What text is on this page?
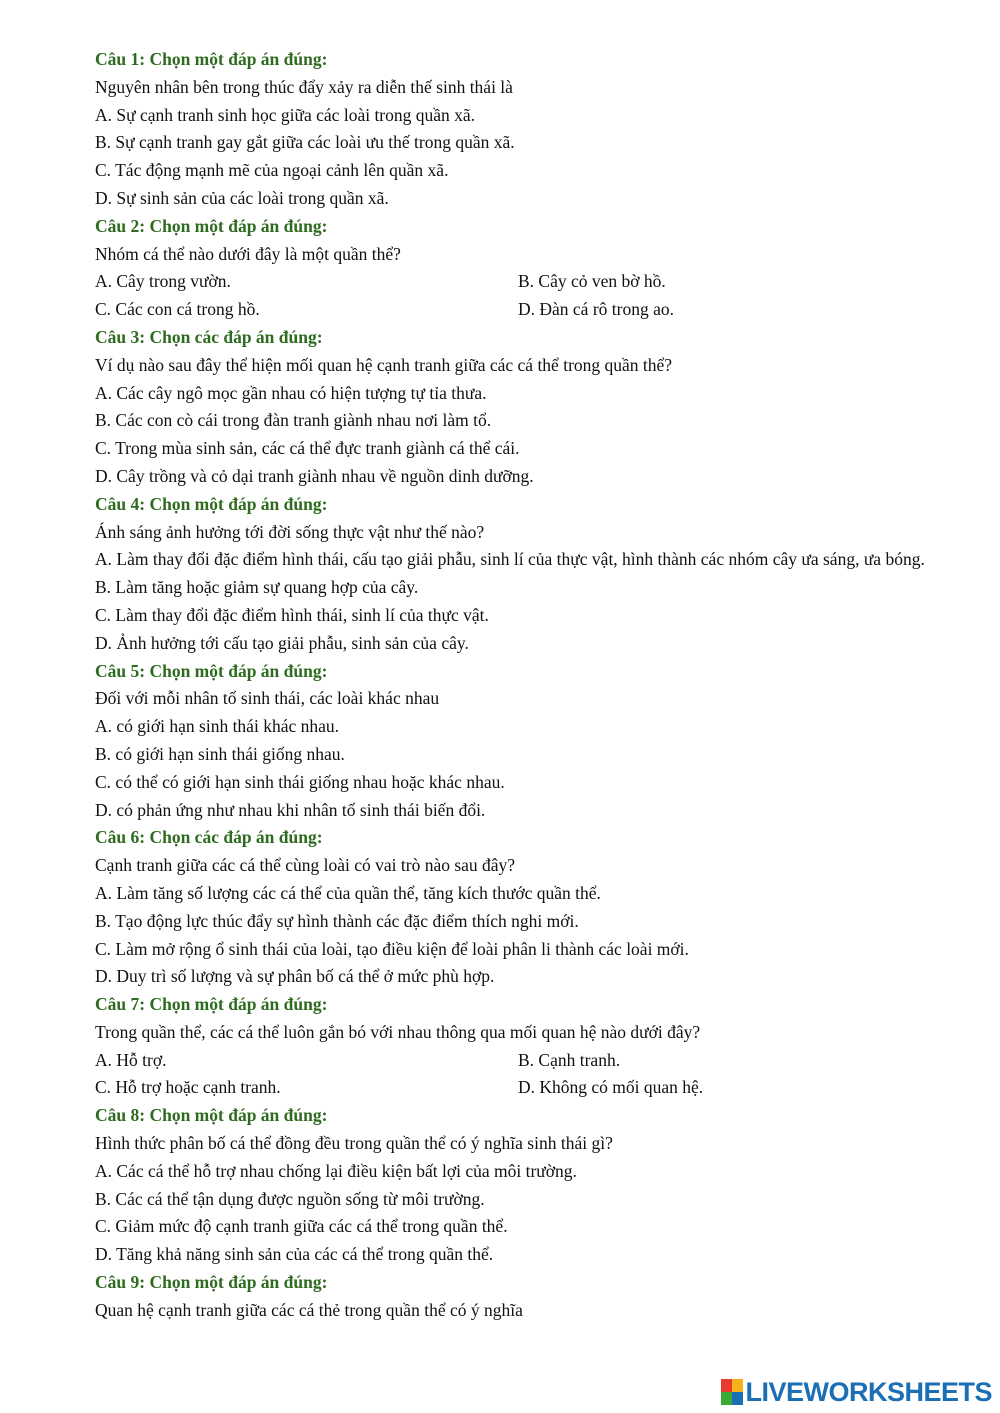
Câu 1: Chọn một đáp án đúng:
Nguyên nhân bên trong thúc đẩy xảy ra diễn thế sinh thái là
A. Sự cạnh tranh sinh học giữa các loài trong quần xã.
B. Sự cạnh tranh gay gắt giữa các loài ưu thế trong quần xã.
C. Tác động mạnh mẽ của ngoại cảnh lên quần xã.
D. Sự sinh sản của các loài trong quần xã.
Câu 2: Chọn một đáp án đúng:
Nhóm cá thể nào dưới đây là một quần thể?
A. Cây trong vườn.	B. Cây cỏ ven bờ hồ.
C. Các con cá trong hồ.	D. Đàn cá rô trong ao.
Câu 3: Chọn các đáp án đúng:
Ví dụ nào sau đây thể hiện mối quan hệ cạnh tranh giữa các cá thể trong quần thể?
A. Các cây ngô mọc gần nhau có hiện tượng tự tỉa thưa.
B. Các con cò cái trong đàn tranh giành nhau nơi làm tổ.
C. Trong mùa sinh sản, các cá thể đực tranh giành cá thể cái.
D. Cây trồng và cỏ dại tranh giành nhau về nguồn dinh dưỡng.
Câu 4: Chọn một đáp án đúng:
Ánh sáng ảnh hưởng tới đời sống thực vật như thế nào?
A. Làm thay đổi đặc điểm hình thái, cấu tạo giải phẫu, sinh lí của thực vật, hình thành các nhóm cây ưa sáng, ưa bóng.
B. Làm tăng hoặc giảm sự quang hợp của cây.
C. Làm thay đổi đặc điểm hình thái, sinh lí của thực vật.
D. Ảnh hưởng tới cấu tạo giải phẫu, sinh sản của cây.
Câu 5: Chọn một đáp án đúng:
Đối với mỗi nhân tố sinh thái, các loài khác nhau
A. có giới hạn sinh thái khác nhau.
B. có giới hạn sinh thái giống nhau.
C. có thể có giới hạn sinh thái giống nhau hoặc khác nhau.
D. có phản ứng như nhau khi nhân tố sinh thái biến đổi.
Câu 6: Chọn các đáp án đúng:
Cạnh tranh giữa các cá thể cùng loài có vai trò nào sau đây?
A. Làm tăng số lượng các cá thể của quần thể, tăng kích thước quần thể.
B. Tạo động lực thúc đẩy sự hình thành các đặc điểm thích nghi mới.
C. Làm mở rộng ổ sinh thái của loài, tạo điều kiện để loài phân li thành các loài mới.
D. Duy trì số lượng và sự phân bố cá thể ở mức phù hợp.
Câu 7: Chọn một đáp án đúng:
Trong quần thể, các cá thể luôn gắn bó với nhau thông qua mối quan hệ nào dưới đây?
A. Hỗ trợ.	B. Cạnh tranh.
C. Hỗ trợ hoặc cạnh tranh.	D. Không có mối quan hệ.
Câu 8: Chọn một đáp án đúng:
Hình thức phân bố cá thể đồng đều trong quần thể có ý nghĩa sinh thái gì?
A. Các cá thể hỗ trợ nhau chống lại điều kiện bất lợi của môi trường.
B. Các cá thể tận dụng được nguồn sống từ môi trường.
C. Giảm mức độ cạnh tranh giữa các cá thể trong quần thể.
D. Tăng khả năng sinh sản của các cá thể trong quần thể.
Câu 9: Chọn một đáp án đúng:
Quan hệ cạnh tranh giữa các cá thẻ trong quần thể có ý nghĩa
LIVEWORKSHEETS
